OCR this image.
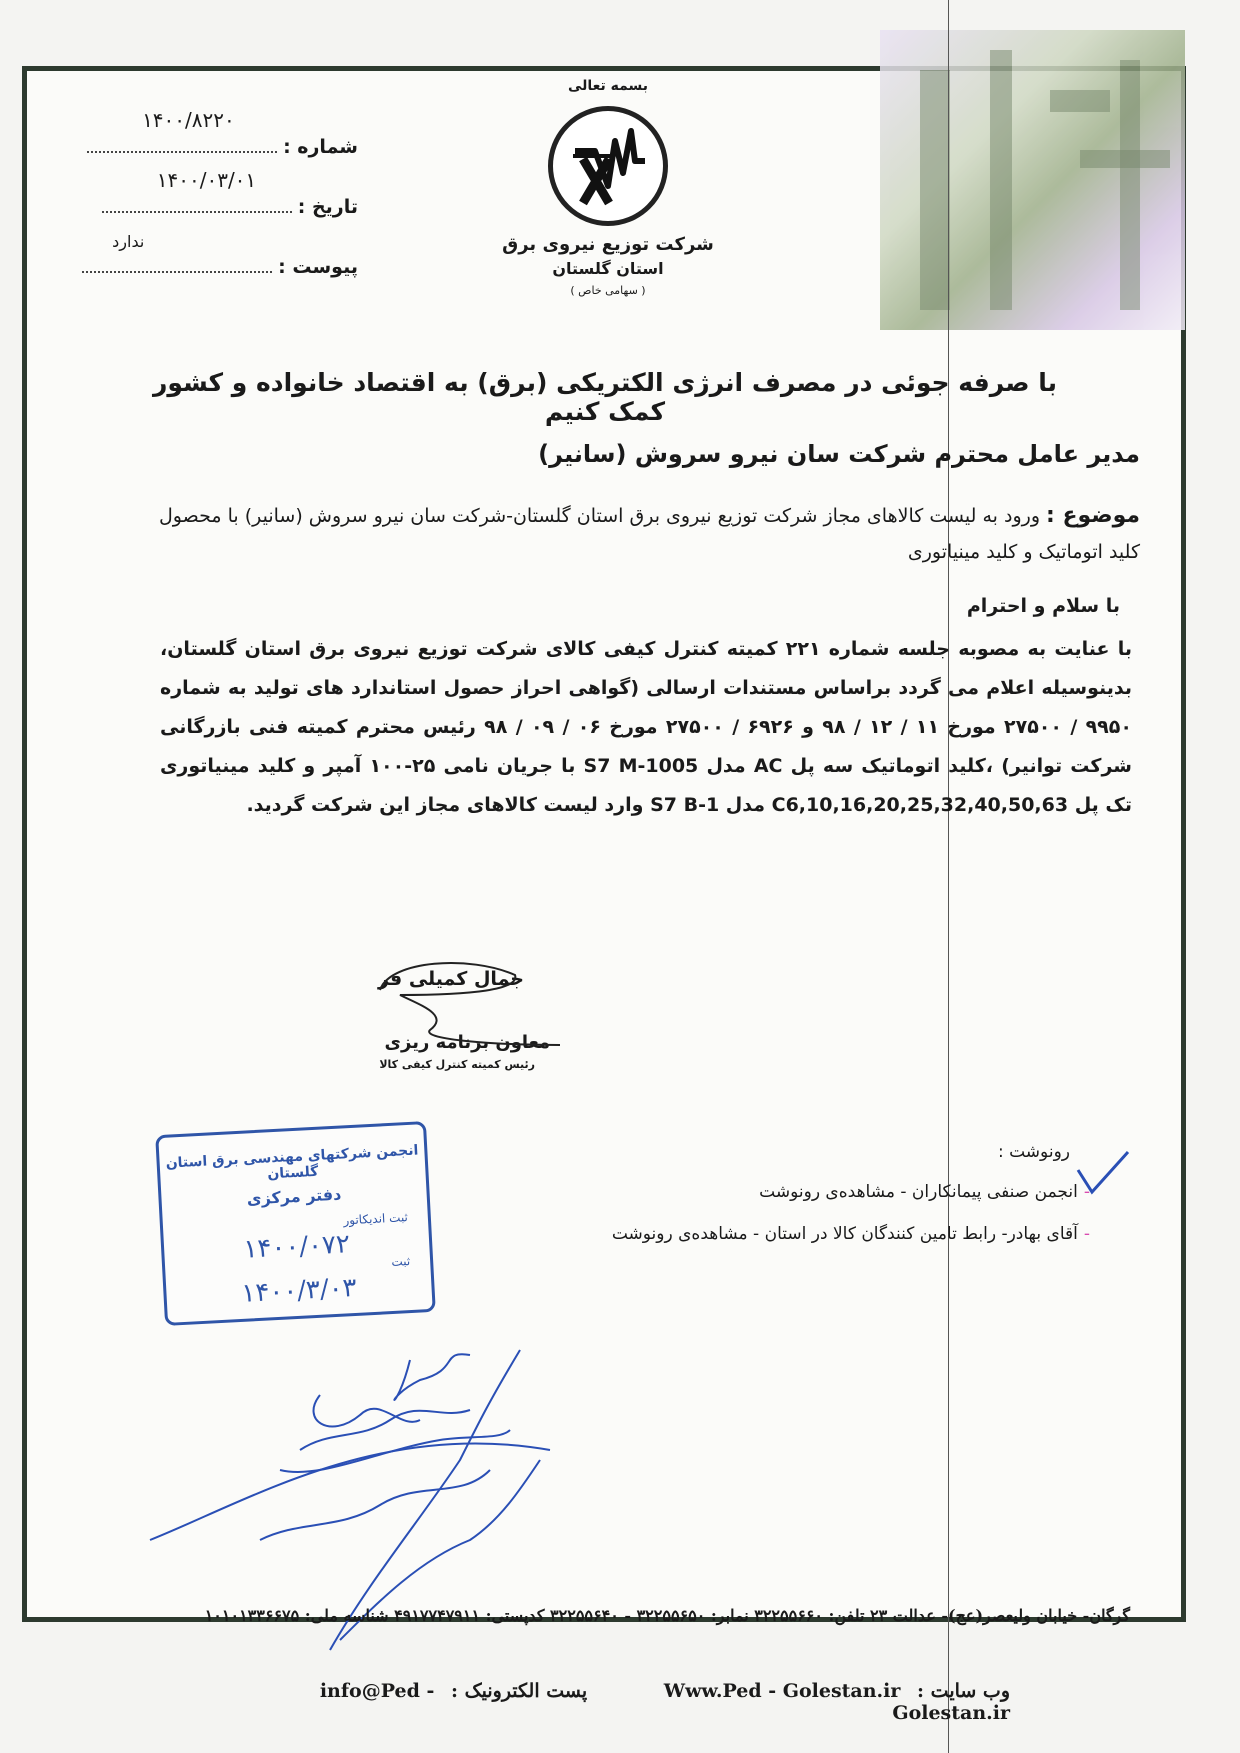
۱۴۰۰/۸۲۲۰
شماره :
۱۴۰۰/۰۳/۰۱
تاریخ :
ندارد
پیوست :
بسمه تعالی
شرکت توزیع نیروی برق
استان گلستان
( سهامی خاص )
با صرفه جوئی در مصرف انرژی الکتریکی (برق) به اقتصاد خانواده و کشور کمک کنیم
مدیر عامل محترم شرکت سان نیرو سروش (سانیر)
موضوع : ورود به لیست کالاهای مجاز شرکت توزیع نیروی برق استان گلستان-شرکت سان نیرو سروش (سانیر) با محصول کلید اتوماتیک و کلید مینیاتوری
با سلام و احترام
با عنایت به مصوبه جلسه شماره ۲۲۱ کمیته کنترل کیفی کالای شرکت توزیع نیروی برق استان گلستان، بدینوسیله اعلام می گردد براساس مستندات ارسالی (گواهی احراز حصول استاندارد های تولید به شماره ۹۹۵۰ / ۲۷۵۰۰ مورخ ۱۱ / ۱۲ / ۹۸ و ۶۹۲۶ / ۲۷۵۰۰ مورخ ۰۶ / ۰۹ / ۹۸ رئیس محترم کمیته فنی بازرگانی شرکت توانیر) ،کلید اتوماتیک سه پل AC مدل S7 M-1005 با جریان نامی ۲۵-۱۰۰ آمپر و کلید مینیاتوری تک پل C6,10,16,20,25,32,40,50,63 مدل S7 B-1 وارد لیست کالاهای مجاز این شرکت گردید.
جمال کمیلی فر
معاون برنامه ریزی
رئیس کمیته کنترل کیفی کالا
رونوشت :
-انجمن صنفی پیمانکاران - مشاهده‌ی رونوشت
-آقای بهادر- رابط تامین کنندگان کالا در استان - مشاهده‌ی رونوشت
انجمن شرکتهای مهندسی برق استان گلستان
دفتر مرکزی
ثبت اندیکاتور
۱۴۰۰/۰۷۲	ثبت
۱۴۰۰/۳/۰۳
گرگان- خیابان ولیعصر(عج)- عدالت ۲۳ تلفن: ۳۲۲۵۵۶۶۰ نمابر: ۳۲۲۵۵۶۵۰ - ۳۲۲۵۵۶۴۰ کدپستی: ۴۹۱۷۷۴۷۹۱۱ شناسه ملی: ۱۰۱۰۱۳۳۶۶۷۵
وب سایت : Www.Ped - Golestan.ir پست الکترونیک : info@Ped - Golestan.ir
